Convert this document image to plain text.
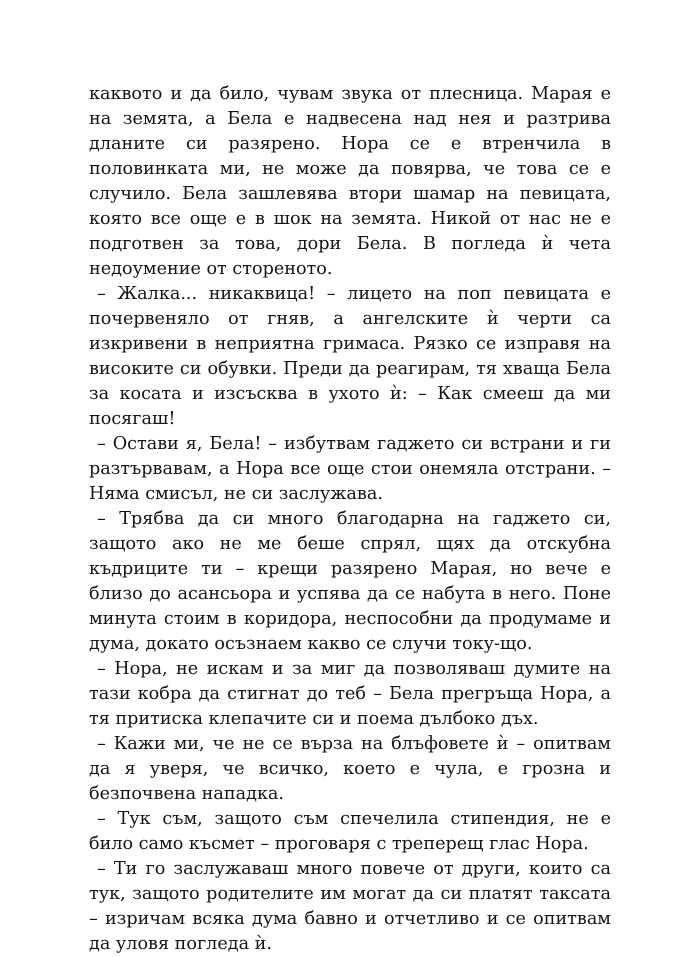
каквото и да било, чувам звука от плесница. Марая е на земята, а Бела е надвесена над нея и разтрива дланите си разярено. Нора се е втренчила в половинката ми, не може да повярва, че това се е случило. Бела зашлевява втори шамар на певицата, която все още е в шок на земята. Никой от нас не е подготвен за това, дори Бела. В погледа ѝ чета недоумение от стореното.

– Жалка... никаквица! – лицето на поп певицата е почервеняло от гняв, а ангелските ѝ черти са изкривени в неприятна гримаса. Рязко се изправя на високите си обувки. Преди да реагирам, тя хваща Бела за косата и изсъсква в ухото ѝ: – Как смееш да ми посягаш!

– Остави я, Бела! – избутвам гаджето си встрани и ги разтървавам, а Нора все още стои онемяла отстрани. – Няма смисъл, не си заслужава.

– Трябва да си много благодарна на гаджето си, защото ако не ме беше спрял, щях да отскубна къдриците ти – крещи разярено Марая, но вече е близо до асансьора и успява да се набута в него. Поне минута стоим в коридора, неспособни да продумаме и дума, докато осъзнаем какво се случи току-що.

– Нора, не искам и за миг да позволяваш думите на тази кобра да стигнат до теб – Бела прегръща Нора, а тя притиска клепачите си и поема дълбоко дъх.

– Кажи ми, че не се върза на блъфовете ѝ – опитвам да я уверя, че всичко, което е чула, е грозна и безпочвена нападка.

– Тук съм, защото съм спечелила стипендия, не е било само късмет – проговаря с треперещ глас Нора.

– Ти го заслужаваш много повече от други, които са тук, защото родителите им могат да си платят таксата – изричам всяка дума бавно и отчетливо и се опитвам да уловя погледа ѝ.
